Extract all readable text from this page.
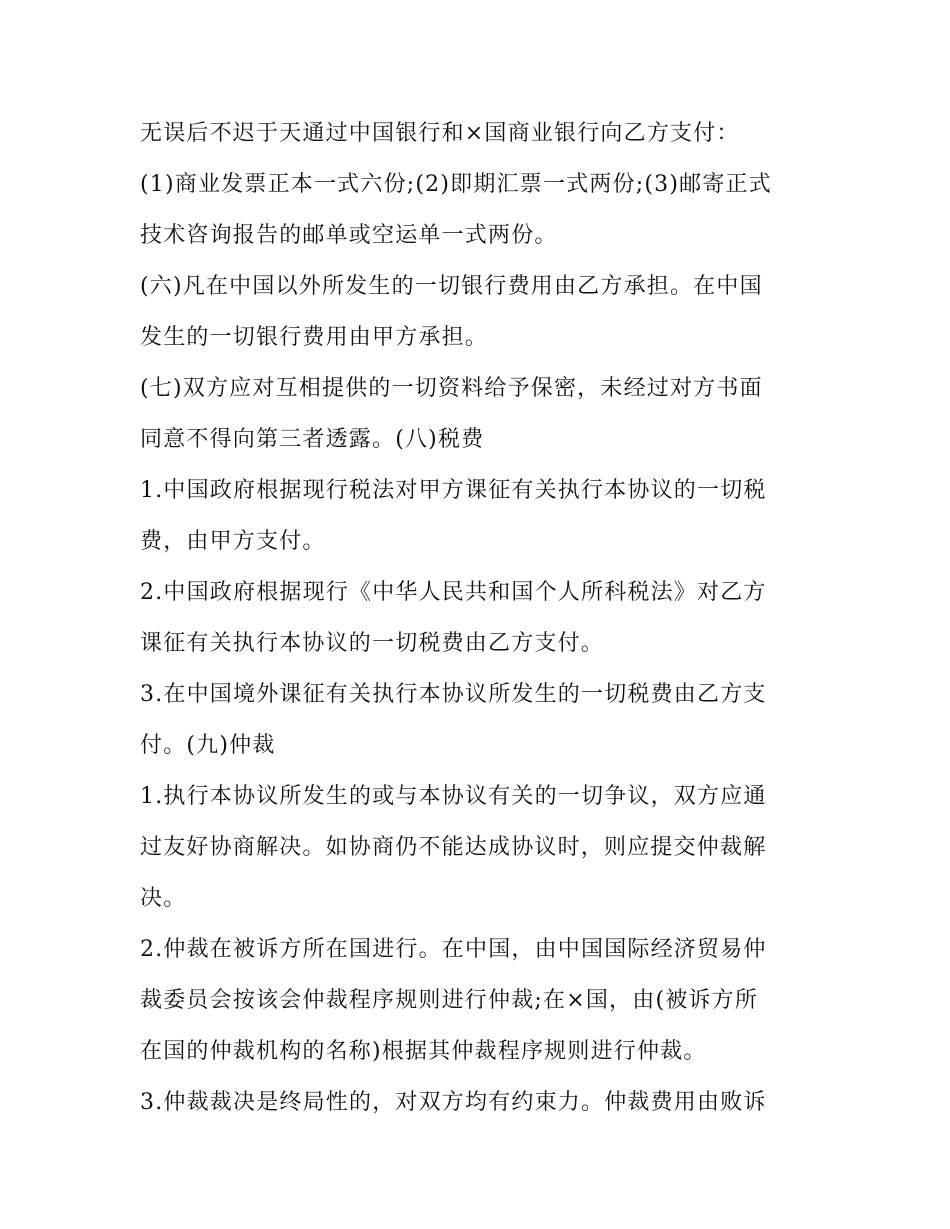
无误后不迟于天通过中国银行和×国商业银行向乙方支付：
(1)商业发票正本一式六份;(2)即期汇票一式两份;(3)邮寄正式
技术咨询报告的邮单或空运单一式两份。
(六)凡在中国以外所发生的一切银行费用由乙方承担。在中国
发生的一切银行费用由甲方承担。
(七)双方应对互相提供的一切资料给予保密，未经过对方书面
同意不得向第三者透露。(八)税费
1.中国政府根据现行税法对甲方课征有关执行本协议的一切税
费，由甲方支付。
2.中国政府根据现行《中华人民共和国个人所科税法》对乙方
课征有关执行本协议的一切税费由乙方支付。
3.在中国境外课征有关执行本协议所发生的一切税费由乙方支
付。(九)仲裁
1.执行本协议所发生的或与本协议有关的一切争议，双方应通
过友好协商解决。如协商仍不能达成协议时，则应提交仲裁解
决。
2.仲裁在被诉方所在国进行。在中国，由中国国际经济贸易仲
裁委员会按该会仲裁程序规则进行仲裁;在×国，由(被诉方所
在国的仲裁机构的名称)根据其仲裁程序规则进行仲裁。
3.仲裁裁决是终局性的，对双方均有约束力。仲裁费用由败诉
